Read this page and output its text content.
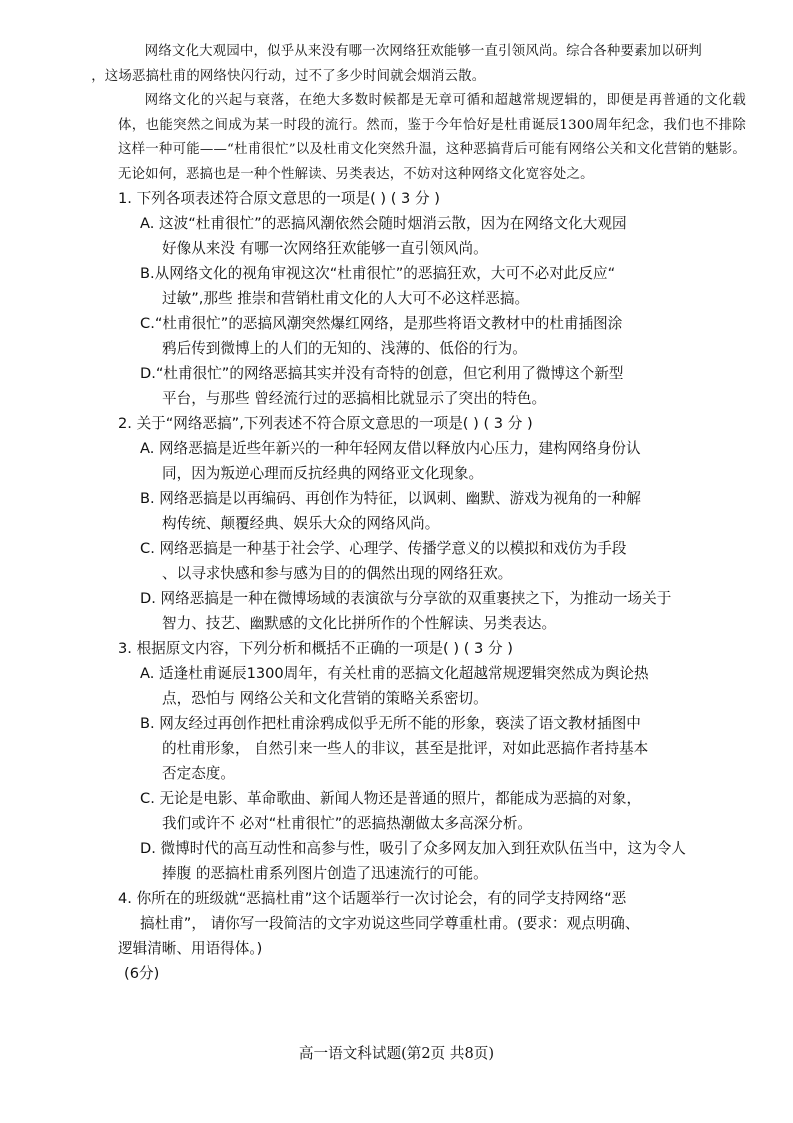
网络文化大观园中，似乎从来没有哪一次网络狂欢能够一直引领风尚。综合各种要素加以研判
，这场恶搞杜甫的网络快闪行动，过不了多少时间就会烟消云散。

网络文化的兴起与衰落，在绝大多数时候都是无章可循和超越常规逻辑的，即便是再普通的文化载体，也能突然之间成为某一时段的流行。然而，鉴于今年恰好是杜甫诞辰1300周年纪念，我们也不排除这样一种可能——“杜甫很忙”以及杜甫文化突然升温，这种恶搞背后可能有网络公关和文化营销的魅影。无论如何，恶搞也是一种个性解读、另类表达，不妨对这种网络文化宽容处之。

1. 下列各项表述符合原文意思的一项是( ) ( 3 分 )

A. 这波“杜甫很忙”的恶搞风潮依然会随时烟消云散，因为在网络文化大观园
好像从来没 有哪一次网络狂欢能够一直引领风尚。

B.从网络文化的视角审视这次“杜甫很忙”的恶搞狂欢，大可不必对此反应“
过敏”,那些 推崇和营销杜甫文化的人大可不必这样恶搞。

C.“杜甫很忙”的恶搞风潮突然爆红网络，是那些将语文教材中的杜甫插图涂
鸦后传到微博上的人们的无知的、浅薄的、低俗的行为。

D.“杜甫很忙”的网络恶搞其实并没有奇特的创意，但它利用了微博这个新型
平台，与那些 曾经流行过的恶搞相比就显示了突出的特色。

2. 关于“网络恶搞”,下列表述不符合原文意思的一项是( ) ( 3 分 )

A. 网络恶搞是近些年新兴的一种年轻网友借以释放内心压力，建构网络身份认
同，因为叛逆心理而反抗经典的网络亚文化现象。

B. 网络恶搞是以再编码、再创作为特征，以讽刺、幽默、游戏为视角的一种解
构传统、颠覆经典、娱乐大众的网络风尚。

C. 网络恶搞是一种基于社会学、心理学、传播学意义的以模拟和戏仿为手段
、以寻求快感和参与感为目的的偶然出现的网络狂欢。

D. 网络恶搞是一种在微博场域的表演欲与分享欲的双重裹挟之下，为推动一场关于
智力、技艺、幽默感的文化比拼所作的个性解读、另类表达。

3. 根据原文内容，下列分析和概括不正确的一项是( ) ( 3 分 )

A. 适逢杜甫诞辰1300周年，有关杜甫的恶搞文化超越常规逻辑突然成为舆论热
点，恐怕与 网络公关和文化营销的策略关系密切。

B. 网友经过再创作把杜甫涂鸦成似乎无所不能的形象，亵渎了语文教材插图中
的杜甫形象， 自然引来一些人的非议，甚至是批评，对如此恶搞作者持基本
否定态度。

C. 无论是电影、革命歌曲、新闻人物还是普通的照片，都能成为恶搞的对象，
我们或许不 必对“杜甫很忙”的恶搞热潮做太多高深分析。

D. 微博时代的高互动性和高参与性，吸引了众多网友加入到狂欢队伍当中，这为令人
捧腹 的恶搞杜甫系列图片创造了迅速流行的可能。

4. 你所在的班级就“恶搞杜甫”这个话题举行一次讨论会，有的同学支持网络“恶
搞杜甫”， 请你写一段简洁的文字劝说这些同学尊重杜甫。(要求：观点明确、
逻辑清晰、用语得体。)
(6分)

高一语文科试题(第2页 共8页)
